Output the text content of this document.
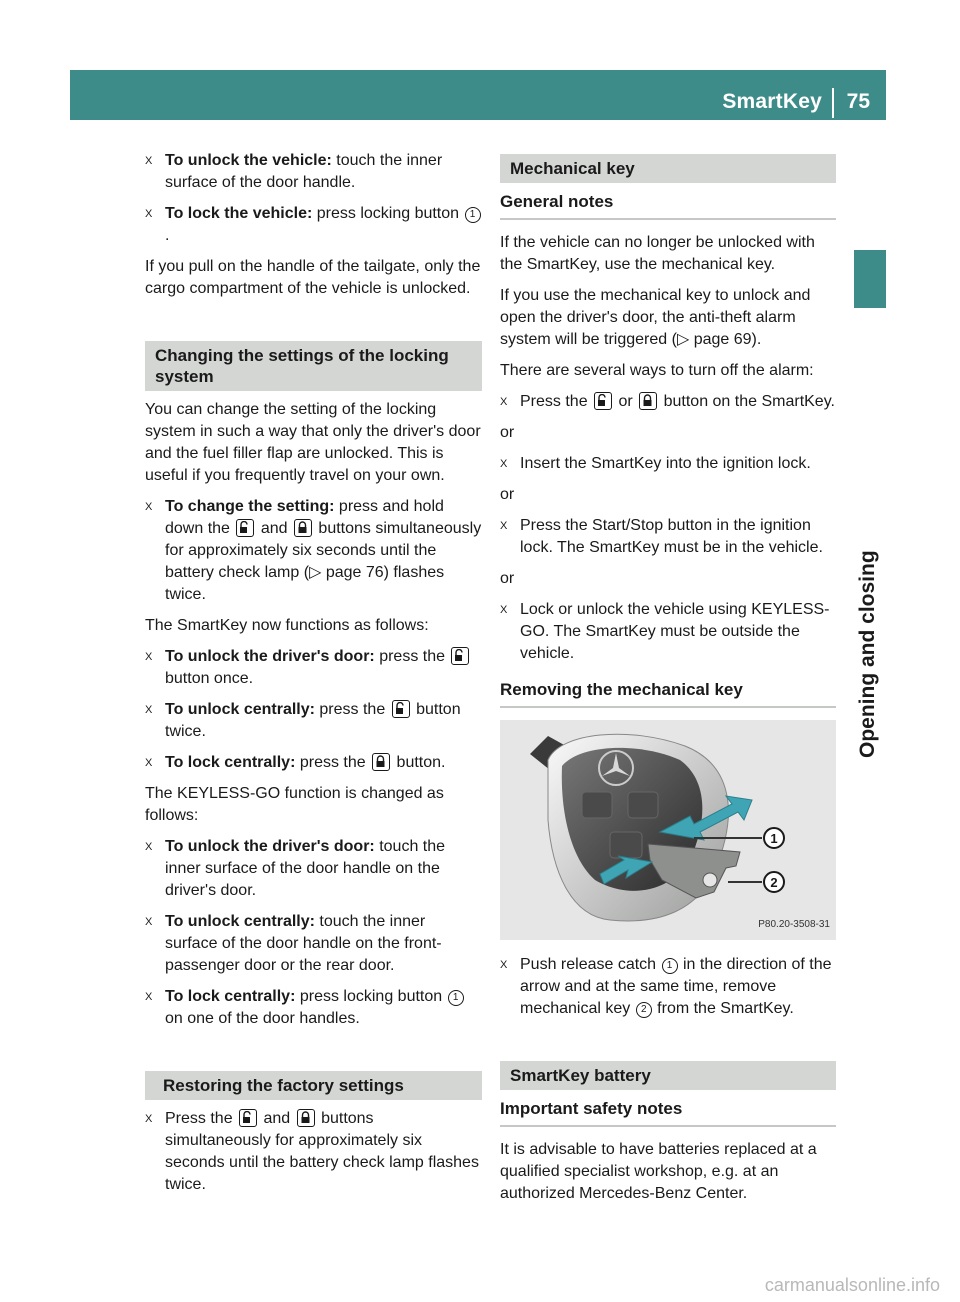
SmartKey 75
Opening and closing
X To unlock the vehicle: touch the inner surface of the door handle.
X To lock the vehicle: press locking button 1.

If you pull on the handle of the tailgate, only the cargo compartment of the vehicle is unlocked.

Changing the settings of the locking system

You can change the setting of the locking system in such a way that only the driver's door and the fuel filler flap are unlocked. This is useful if you frequently travel on your own.

X To change the setting: press and hold down the
and
buttons simultaneously for approximately six seconds until the battery check lamp (▷ page 76) flashes twice.

The SmartKey now functions as follows:

X To unlock the driver's door: press the
button once.
X To unlock centrally: press the
button twice.
X To lock centrally: press the
button.

The KEYLESS-GO function is changed as follows:

X To unlock the driver's door: touch the inner surface of the door handle on the driver's door.
X To unlock centrally: touch the inner surface of the door handle on the front-passenger door or the rear door.
X To lock centrally: press locking button 1 on one of the door handles.
Restoring the factory settings
X Press the
and
buttons simultaneously for approximately six seconds until the battery check lamp flashes twice.
Mechanical key
General notes

If the vehicle can no longer be unlocked with the SmartKey, use the mechanical key.

If you use the mechanical key to unlock and open the driver's door, the anti-theft alarm system will be triggered (▷ page 69).

There are several ways to turn off the alarm:

X Press the
or
button on the SmartKey.

or

X Insert the SmartKey into the ignition lock.

or

X Press the Start/Stop button in the ignition lock. The SmartKey must be in the vehicle.

or

X Lock or unlock the vehicle using KEYLESS-GO. The SmartKey must be outside the vehicle.
Removing the mechanical key
1
2
P80.20-3508-31
X Push release catch 1 in the direction of the arrow and at the same time, remove mechanical key 2 from the SmartKey.
SmartKey battery
Important safety notes

It is advisable to have batteries replaced at a qualified specialist workshop, e.g. at an authorized Mercedes-Benz Center.

carmanualsonline.info
